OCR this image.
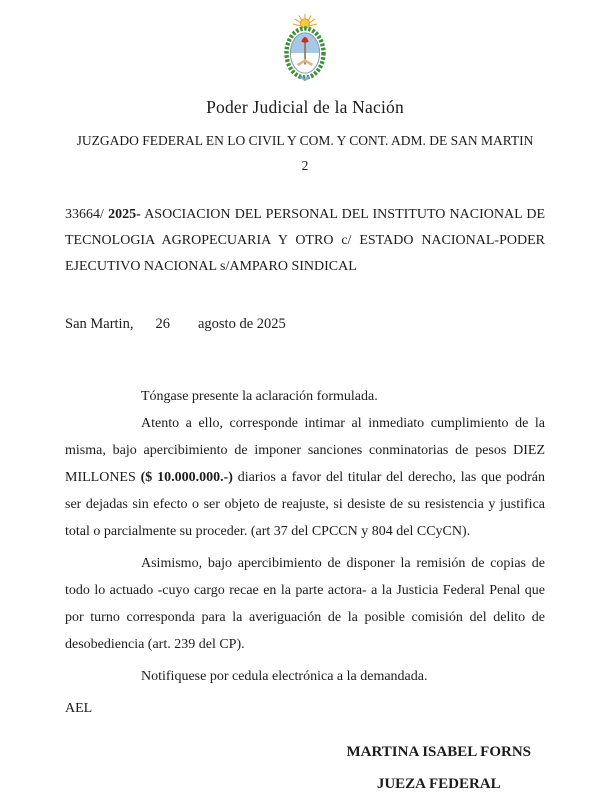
Poder Judicial de la Nación
JUZGADO FEDERAL EN LO CIVIL Y COM. Y CONT. ADM. DE SAN MARTIN 2

33664/ 2025- ASOCIACION DEL PERSONAL DEL INSTITUTO NACIONAL DE TECNOLOGIA AGROPECUARIA Y OTRO c/ ESTADO NACIONAL-PODER EJECUTIVO NACIONAL s/AMPARO SINDICAL

San Martin, 26 agosto de 2025

Tóngase presente la aclaración formulada.

Atento a ello, corresponde intimar al inmediato cumplimiento de la misma, bajo apercibimiento de imponer sanciones conminatorias de pesos DIEZ MILLONES ($ 10.000.000.-) diarios a favor del titular del derecho, las que podrán ser dejadas sin efecto o ser objeto de reajuste, si desiste de su resistencia y justifica total o parcialmente su proceder. (art 37 del CPCCN y 804 del CCyCN).

Asimismo, bajo apercibimiento de disponer la remisión de copias de todo lo actuado -cuyo cargo recae en la parte actora- a la Justicia Federal Penal que por turno corresponda para la averiguación de la posible comisión del delito de desobediencia (art. 239 del CP).

Notifiquese por cedula electrónica a la demandada.

AEL

MARTINA ISABEL FORNS
JUEZA FEDERAL
